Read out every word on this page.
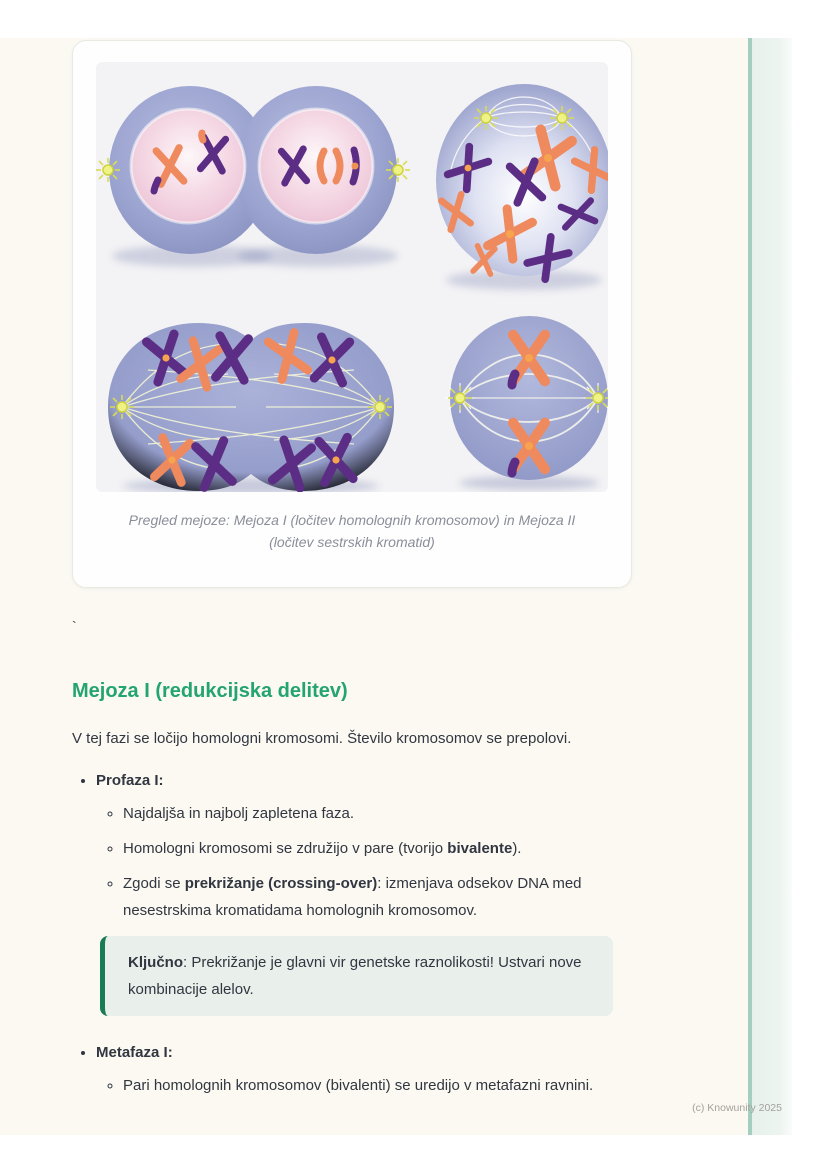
Pregled mejoze: Mejoza I (ločitev homolognih kromosomov) in Mejoza II
(ločitev sestrskih kromatid)
`
Mejoza I (redukcijska delitev)

V tej fazi se ločijo homologni kromosomi. Število kromosomov se prepolovi.

• Profaza I:
◦ Najdaljša in najbolj zapletena faza.
◦ Homologni kromosomi se združijo v pare (tvorijo bivalente).
◦ Zgodi se prekrižanje (crossing-over): izmenjava odsekov DNA med nesestrskima kromatidama homolognih kromosomov.
Ključno: Prekrižanje je glavni vir genetske raznolikosti! Ustvari nove kombinacije alelov.
• Metafaza I:
◦ Pari homolognih kromosomov (bivalenti) se uredijo v metafazni ravnini.
(c) Knowunity 2025
